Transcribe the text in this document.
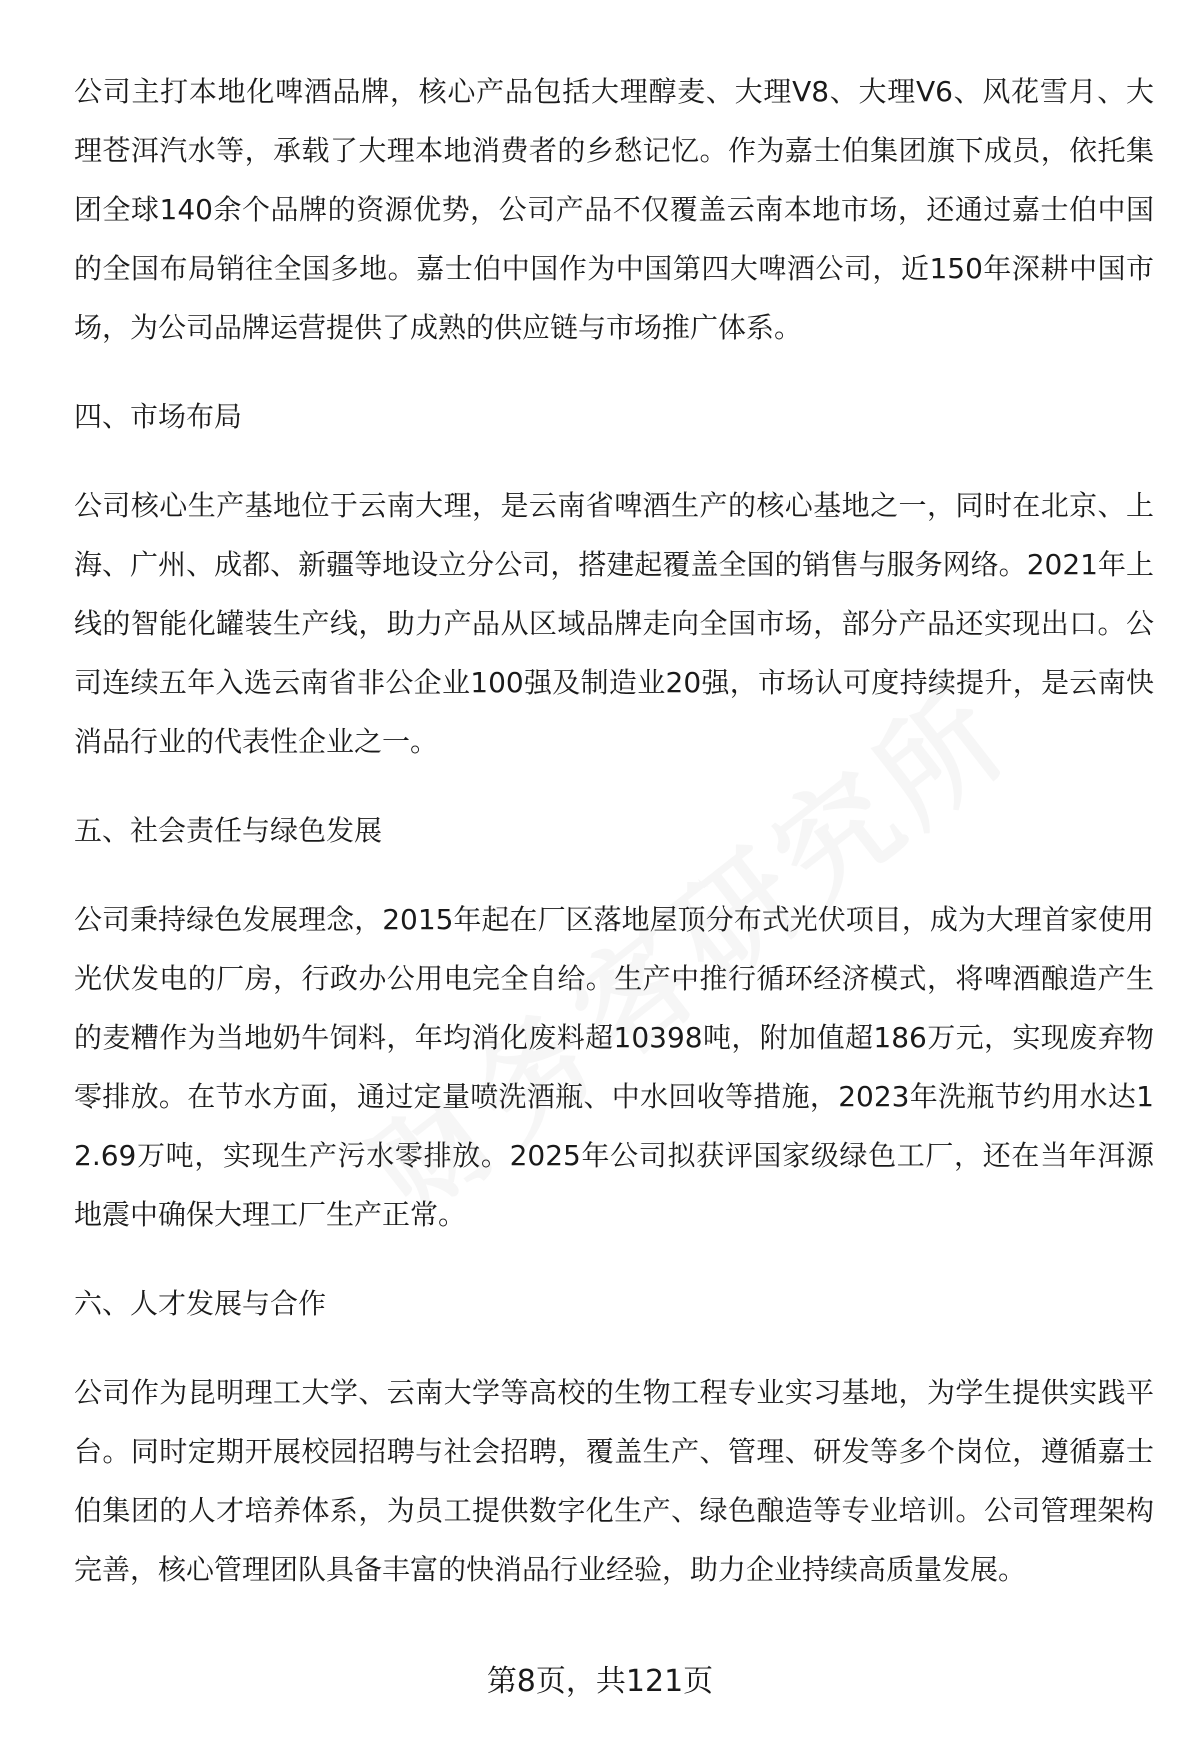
公司主打本地化啤酒品牌，核心产品包括大理醇麦、大理V8、大理V6、风花雪月、大理苍洱汽水等，承载了大理本地消费者的乡愁记忆。作为嘉士伯集团旗下成员，依托集团全球140余个品牌的资源优势，公司产品不仅覆盖云南本地市场，还通过嘉士伯中国的全国布局销往全国多地。嘉士伯中国作为中国第四大啤酒公司，近150年深耕中国市场，为公司品牌运营提供了成熟的供应链与市场推广体系。

四、市场布局

公司核心生产基地位于云南大理，是云南省啤酒生产的核心基地之一，同时在北京、上海、广州、成都、新疆等地设立分公司，搭建起覆盖全国的销售与服务网络。2021年上线的智能化罐装生产线，助力产品从区域品牌走向全国市场，部分产品还实现出口。公司连续五年入选云南省非公企业100强及制造业20强，市场认可度持续提升，是云南快消品行业的代表性企业之一。

五、社会责任与绿色发展

公司秉持绿色发展理念，2015年起在厂区落地屋顶分布式光伏项目，成为大理首家使用光伏发电的厂房，行政办公用电完全自给。生产中推行循环经济模式，将啤酒酿造产生的麦糟作为当地奶牛饲料，年均消化废料超10398吨，附加值超186万元，实现废弃物零排放。在节水方面，通过定量喷洗酒瓶、中水回收等措施，2023年洗瓶节约用水达12.69万吨，实现生产污水零排放。2025年公司拟获评国家级绿色工厂，还在当年洱源地震中确保大理工厂生产正常。

六、人才发展与合作

公司作为昆明理工大学、云南大学等高校的生物工程专业实习基地，为学生提供实践平台。同时定期开展校园招聘与社会招聘，覆盖生产、管理、研发等多个岗位，遵循嘉士伯集团的人才培养体系，为员工提供数字化生产、绿色酿造等专业培训。公司管理架构完善，核心管理团队具备丰富的快消品行业经验，助力企业持续高质量发展。

第8页，共121页
